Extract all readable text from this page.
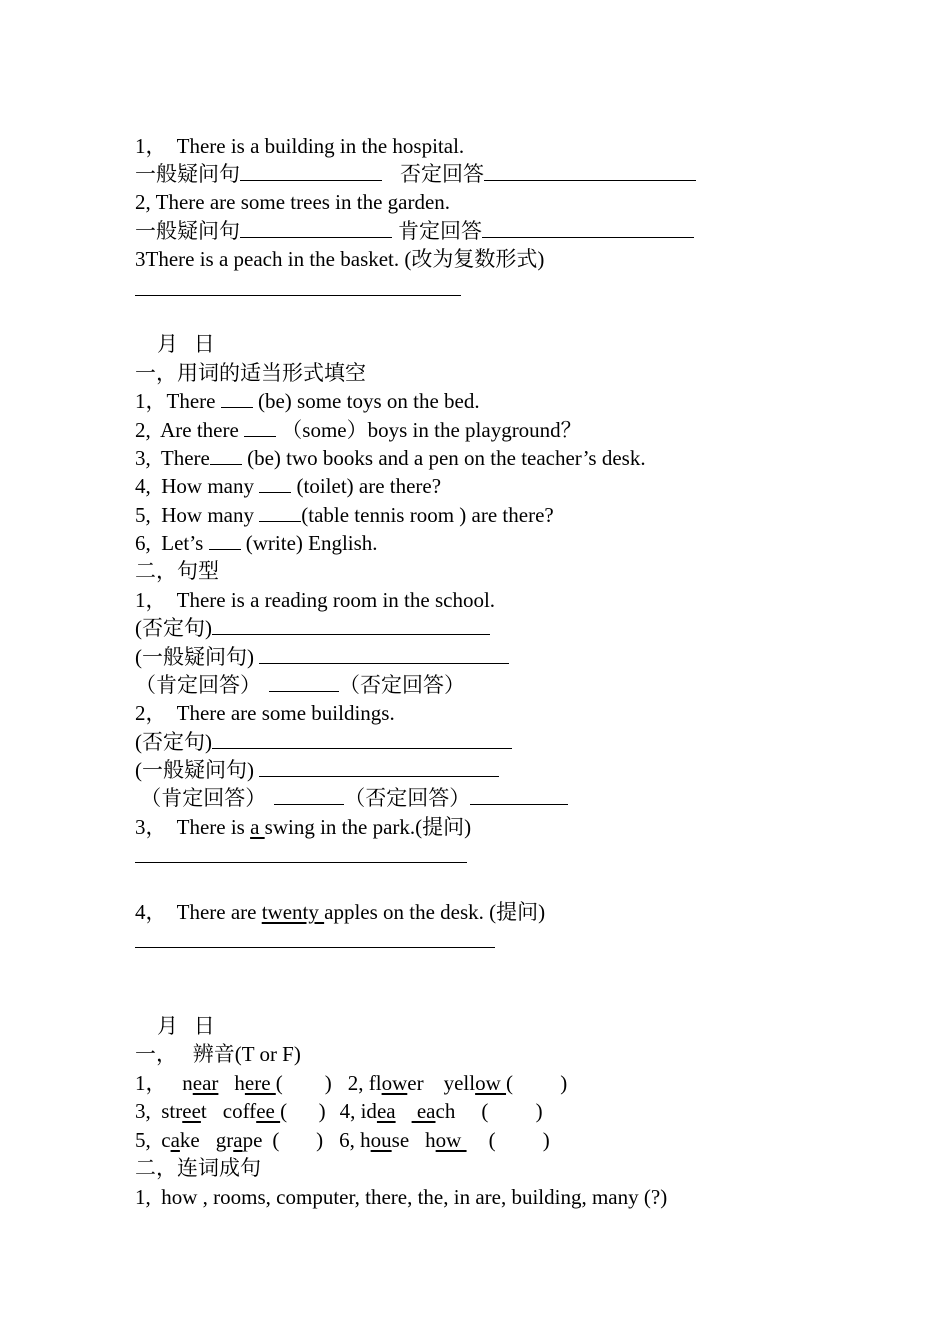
1，  There is a building in the hospital.
一般疑问句	否定回答
2, There are some trees in the garden.
一般疑问句	肯定回答
3There is a peach in the basket. (改为复数形式)
月   日
一，用词的适当形式填空
1，There  (be) some toys on the bed.
2,  Are there  （some）boys in the playground？
3,  There (be) two books and a pen on the teacher’s desk.
4,  How many  (toilet) are there?
5,  How many (table tennis room ) are there?
6,  Let’s  (write) English.
二，句型
1，  There is a reading room in the school.
(否定句)
(一般疑问句)
（肯定回答）	（否定回答）
2，  There are some buildings.
(否定句)
(一般疑问句)
（肯定回答）	（否定回答）
3，  There is a swing in the park.(提问)
4，  There are twenty apples on the desk. (提问)
月   日
一，   辨音(T or F)
1，   near here (        ) 2, flower yellow (         )
3,  street coffee (      ) 4, idea each (         )
5,  cake grape (       ) 6, house how (         )
二，连词成句
1,  how , rooms, computer, there, the, in are, building, many (?)
